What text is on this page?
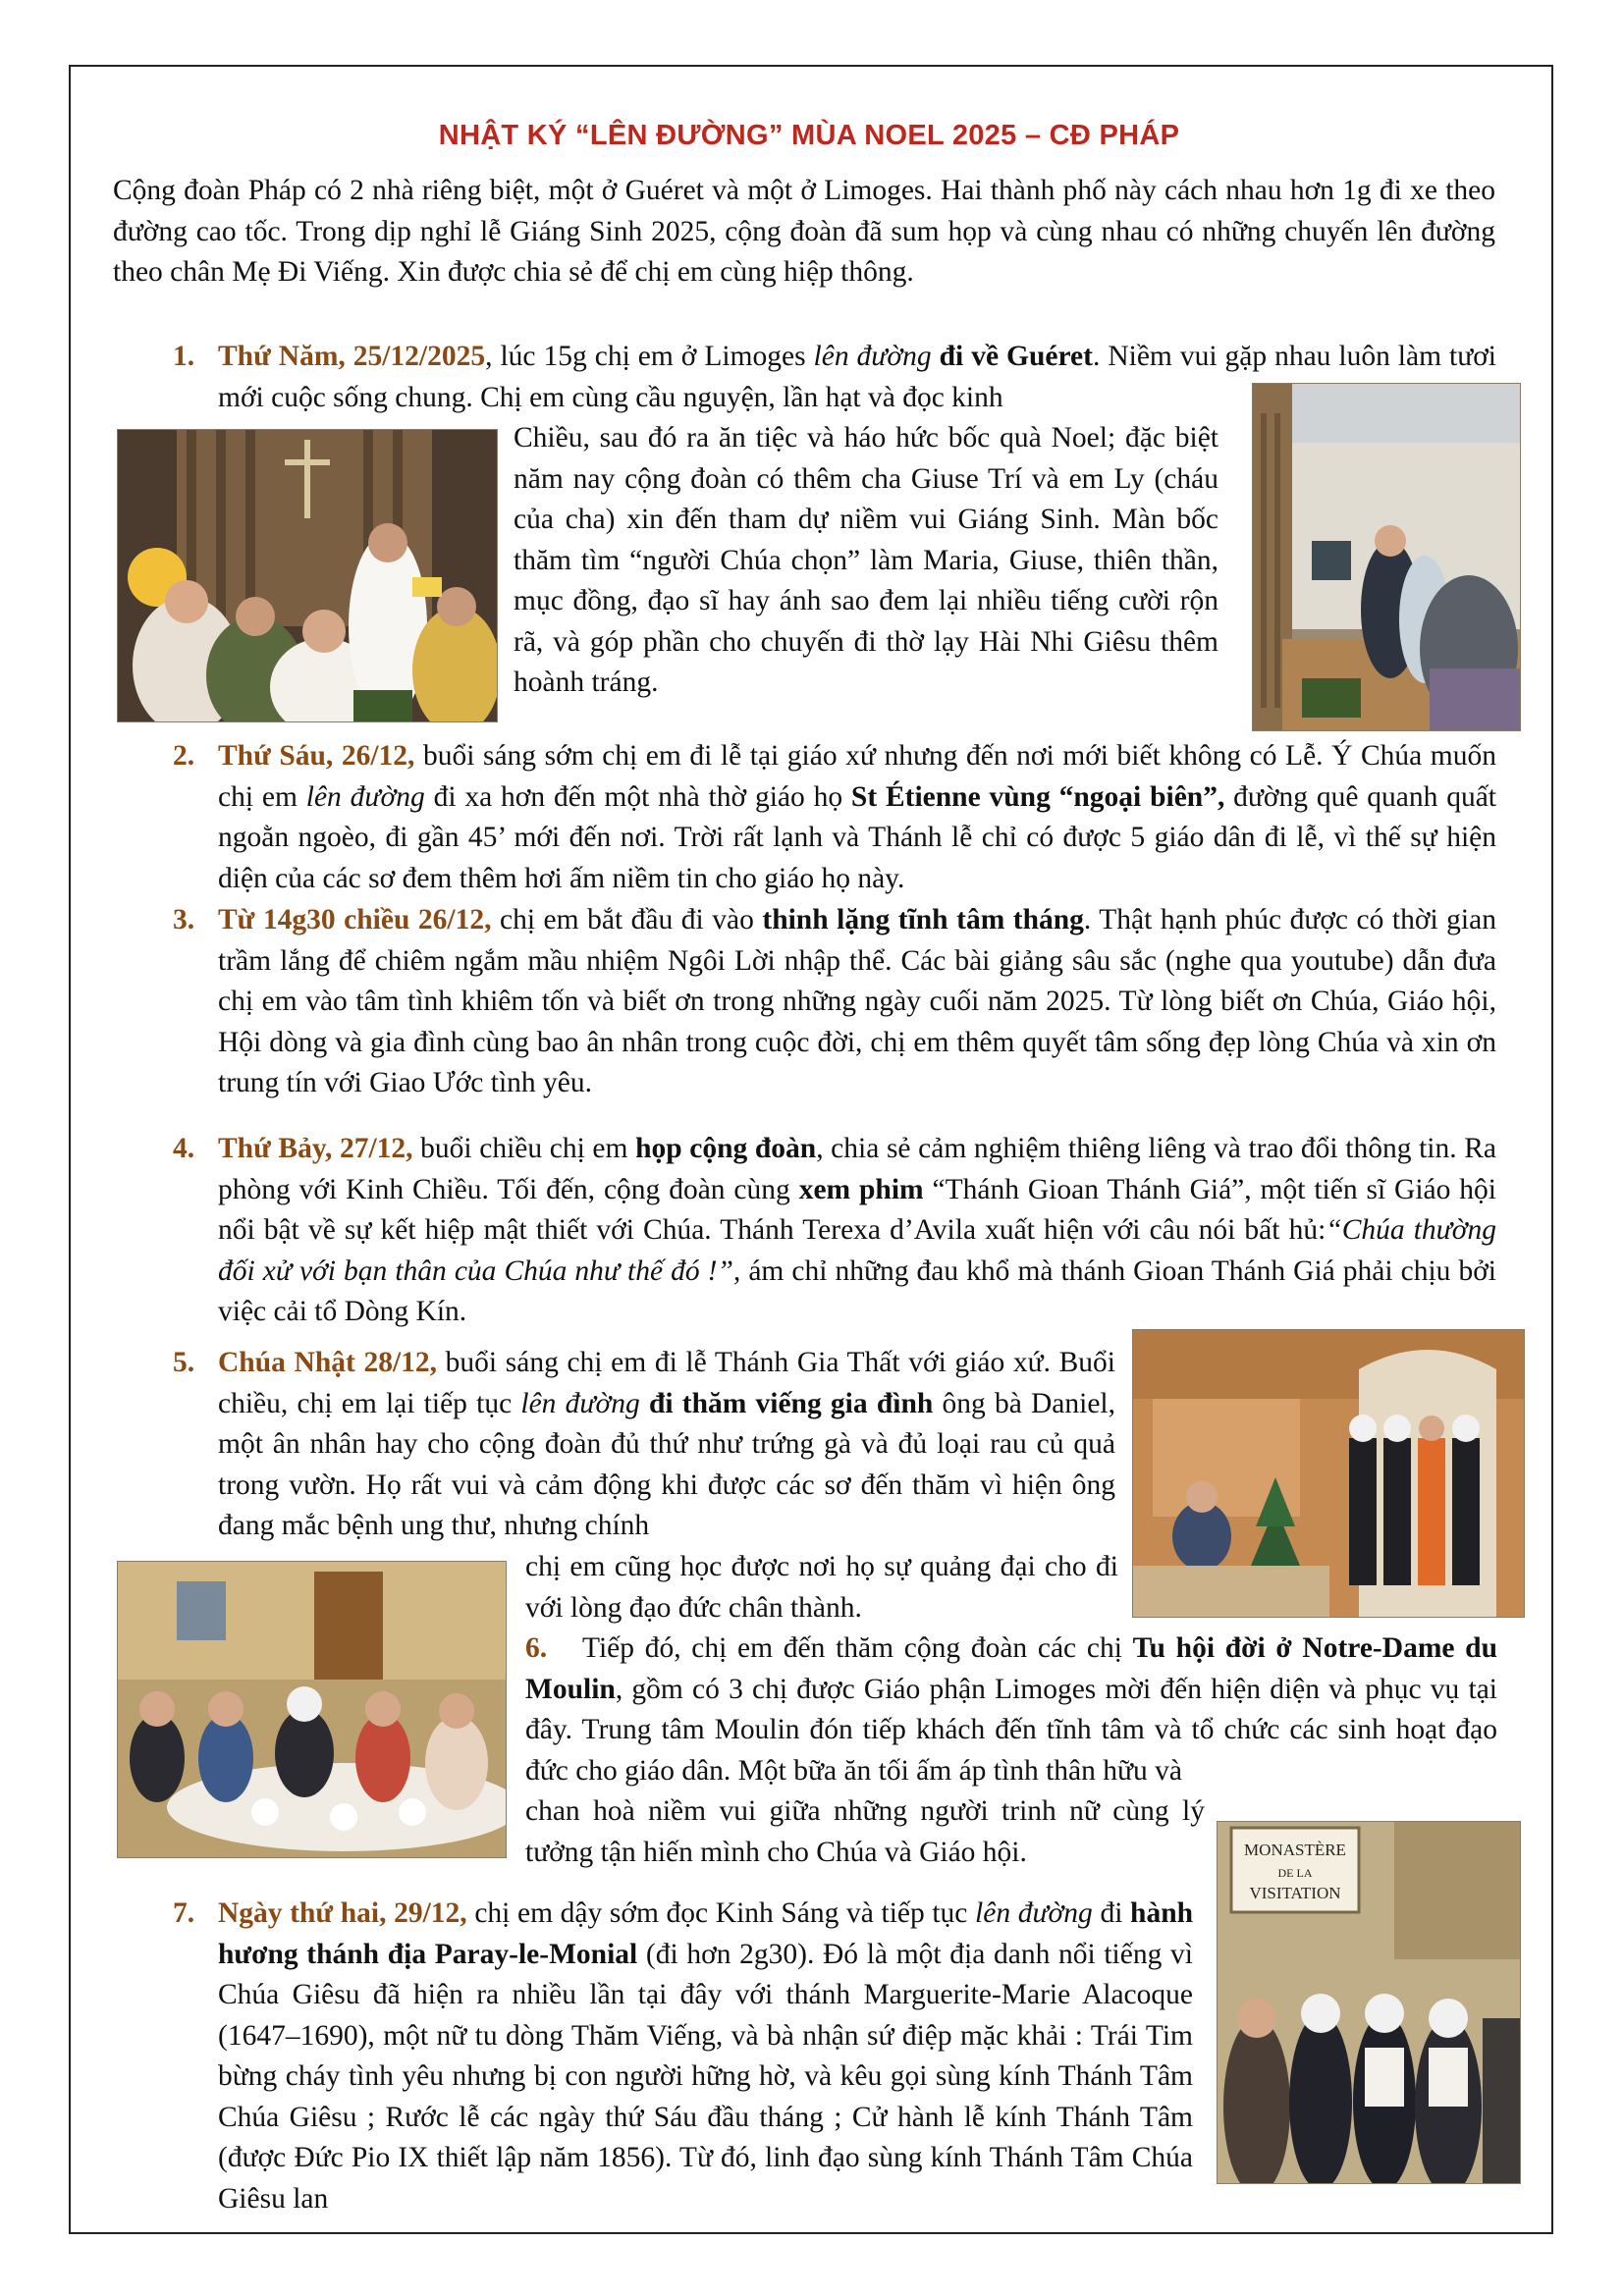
NHẬT KÝ “LÊN ĐƯỜNG” MÙA NOEL 2025 – CĐ PHÁP

Cộng đoàn Pháp có 2 nhà riêng biệt, một ở Guéret và một ở Limoges. Hai thành phố này cách nhau hơn 1g đi xe theo đường cao tốc. Trong dịp nghỉ lễ Giáng Sinh 2025, cộng đoàn đã sum họp và cùng nhau có những chuyến lên đường theo chân Mẹ Đi Viếng. Xin được chia sẻ để chị em cùng hiệp thông.

1. Thứ Năm, 25/12/2025, lúc 15g chị em ở Limoges lên đường đi về Guéret. Niềm vui gặp nhau luôn làm tươi mới cuộc sống chung. Chị em cùng cầu nguyện, lần hạt và đọc kinh

Chiều, sau đó ra ăn tiệc và háo hức bốc quà Noel; đặc biệt năm nay cộng đoàn có thêm cha Giuse Trí và em Ly (cháu của cha) xin đến tham dự niềm vui Giáng Sinh. Màn bốc thăm tìm “người Chúa chọn” làm Maria, Giuse, thiên thần, mục đồng, đạo sĩ hay ánh sao đem lại nhiều tiếng cười rộn rã, và góp phần cho chuyến đi thờ lạy Hài Nhi Giêsu thêm hoành tráng.

2. Thứ Sáu, 26/12, buổi sáng sớm chị em đi lễ tại giáo xứ nhưng đến nơi mới biết không có Lễ. Ý Chúa muốn chị em lên đường đi xa hơn đến một nhà thờ giáo họ St Étienne vùng “ngoại biên”, đường quê quanh quất ngoằn ngoèo, đi gần 45’ mới đến nơi. Trời rất lạnh và Thánh lễ chỉ có được 5 giáo dân đi lễ, vì thế sự hiện diện của các sơ đem thêm hơi ấm niềm tin cho giáo họ này.

3. Từ 14g30 chiều 26/12, chị em bắt đầu đi vào thinh lặng tĩnh tâm tháng. Thật hạnh phúc được có thời gian trầm lắng để chiêm ngắm mầu nhiệm Ngôi Lời nhập thể. Các bài giảng sâu sắc (nghe qua youtube) dẫn đưa chị em vào tâm tình khiêm tốn và biết ơn trong những ngày cuối năm 2025. Từ lòng biết ơn Chúa, Giáo hội, Hội dòng và gia đình cùng bao ân nhân trong cuộc đời, chị em thêm quyết tâm sống đẹp lòng Chúa và xin ơn trung tín với Giao Ước tình yêu.

4. Thứ Bảy, 27/12, buổi chiều chị em họp cộng đoàn, chia sẻ cảm nghiệm thiêng liêng và trao đổi thông tin. Ra phòng với Kinh Chiều. Tối đến, cộng đoàn cùng xem phim “Thánh Gioan Thánh Giá”, một tiến sĩ Giáo hội nổi bật về sự kết hiệp mật thiết với Chúa. Thánh Terexa d’Avila xuất hiện với câu nói bất hủ:“Chúa thường đối xử với bạn thân của Chúa như thế đó !”, ám chỉ những đau khổ mà thánh Gioan Thánh Giá phải chịu bởi việc cải tổ Dòng Kín.

5. Chúa Nhật 28/12, buổi sáng chị em đi lễ Thánh Gia Thất với giáo xứ. Buổi chiều, chị em lại tiếp tục lên đường đi thăm viếng gia đình ông bà Daniel, một ân nhân hay cho cộng đoàn đủ thứ như trứng gà và đủ loại rau củ quả trong vườn. Họ rất vui và cảm động khi được các sơ đến thăm vì hiện ông đang mắc bệnh ung thư, nhưng chính

chị em cũng học được nơi họ sự quảng đại cho đi với lòng đạo đức chân thành.

6.	Tiếp đó, chị em đến thăm cộng đoàn các chị Tu hội đời ở Notre-Dame du Moulin, gồm có 3 chị được Giáo phận Limoges mời đến hiện diện và phục vụ tại đây. Trung tâm Moulin đón tiếp khách đến tĩnh tâm và tổ chức các sinh hoạt đạo đức cho giáo dân. Một bữa ăn tối ấm áp tình thân hữu và

chan hoà niềm vui giữa những người trinh nữ cùng lý tưởng tận hiến mình cho Chúa và Giáo hội.	MONASTÈRE
DE LA
VISITATION
7. Ngày thứ hai, 29/12, chị em dậy sớm đọc Kinh Sáng và tiếp tục lên đường đi hành hương thánh địa Paray-le-Monial (đi hơn 2g30). Đó là một địa danh nổi tiếng vì Chúa Giêsu đã hiện ra nhiều lần tại đây với thánh Marguerite-Marie Alacoque (1647–1690), một nữ tu dòng Thăm Viếng, và bà nhận sứ điệp mặc khải : Trái Tim bừng cháy tình yêu nhưng bị con người hững hờ, và kêu gọi sùng kính Thánh Tâm Chúa Giêsu ; Rước lễ các ngày thứ Sáu đầu tháng ; Cử hành lễ kính Thánh Tâm (được Đức Pio IX thiết lập năm 1856). Từ đó, linh đạo sùng kính Thánh Tâm Chúa Giêsu lan
